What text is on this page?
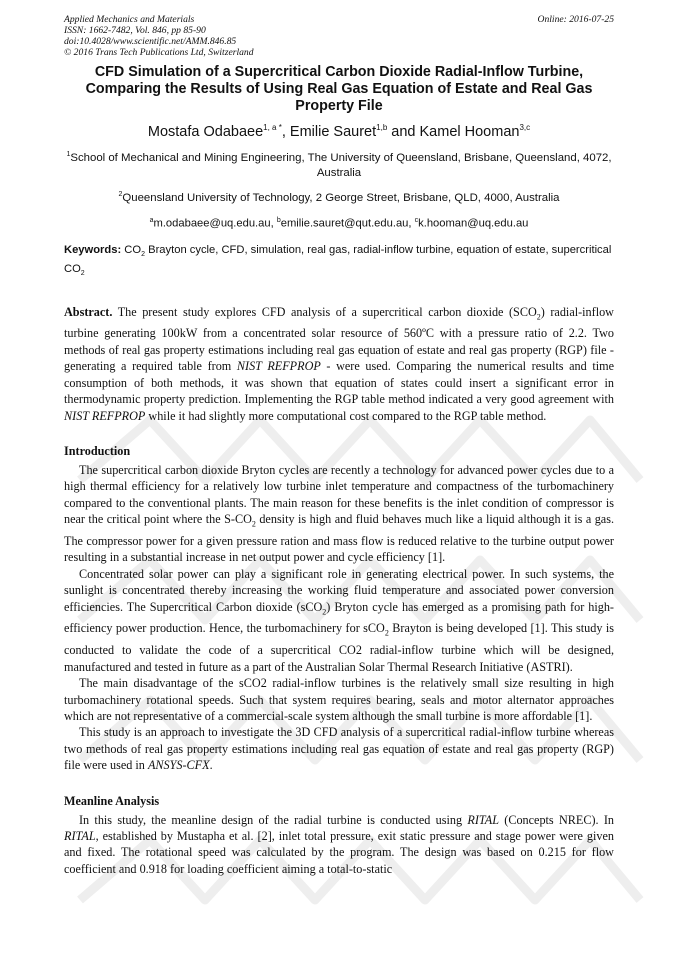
Applied Mechanics and Materials
ISSN: 1662-7482, Vol. 846, pp 85-90
doi:10.4028/www.scientific.net/AMM.846.85
© 2016 Trans Tech Publications Ltd, Switzerland
Online: 2016-07-25
CFD Simulation of a Supercritical Carbon Dioxide Radial-Inflow Turbine, Comparing the Results of Using Real Gas Equation of Estate and Real Gas Property File
Mostafa Odabaee$^{1, a *}$, Emilie Sauret$^{1,b}$ and Kamel Hooman$^{3,c}$
$^1$School of Mechanical and Mining Engineering, The University of Queensland, Brisbane, Queensland, 4072, Australia
$^2$Queensland University of Technology, 2 George Street, Brisbane, QLD, 4000, Australia
$^a$m.odabaee@uq.edu.au, $^b$emilie.sauret@qut.edu.au, $^c$k.hooman@uq.edu.au
Keywords: $CO_2$ Brayton cycle, CFD, simulation, real gas, radial-inflow turbine, equation of estate, supercritical $CO_2$

Abstract. The present study explores CFD analysis of a supercritical carbon dioxide $(SCO_2)$ radial-inflow turbine generating 100kW from a concentrated solar resource of 560ºC with a pressure ratio of 2.2. Two methods of real gas property estimations including real gas equation of estate and real gas property (RGP) file - generating a required table from NIST REFPROP - were used. Comparing the numerical results and time consumption of both methods, it was shown that equation of states could insert a significant error in thermodynamic property prediction. Implementing the RGP table method indicated a very good agreement with NIST REFPROP while it had slightly more computational cost compared to the RGP table method.

Introduction

The supercritical carbon dioxide Bryton cycles are recently a technology for advanced power cycles due to a high thermal efficiency for a relatively low turbine inlet temperature and compactness of the turbomachinery compared to the conventional plants. The main reason for these benefits is the inlet condition of compressor is near the critical point where the $S-CO_2$ density is high and fluid behaves much like a liquid although it is a gas. The compressor power for a given pressure ration and mass flow is reduced relative to the turbine output power resulting in a substantial increase in net output power and cycle efficiency [1].

Concentrated solar power can play a significant role in generating electrical power. In such systems, the sunlight is concentrated thereby increasing the working fluid temperature and associated power conversion efficiencies. The Supercritical Carbon dioxide (sCO$_2$) Bryton cycle has emerged as a promising path for high-efficiency power production. Hence, the turbomachinery for sCO$_2$ Brayton is being developed [1]. This study is conducted to validate the code of a supercritical CO2 radial-inflow turbine which will be designed, manufactured and tested in future as a part of the Australian Solar Thermal Research Initiative (ASTRI).

The main disadvantage of the sCO2 radial-inflow turbines is the relatively small size resulting in high turbomachinery rotational speeds. Such that system requires bearing, seals and motor alternator approaches which are not representative of a commercial-scale system although the small turbine is more affordable [1].

This study is an approach to investigate the 3D CFD analysis of a supercritical radial-inflow turbine whereas two methods of real gas property estimations including real gas equation of estate and real gas property (RGP) file were used in ANSYS-CFX.

Meanline Analysis

In this study, the meanline design of the radial turbine is conducted using RITAL (Concepts NREC). In RITAL, established by Mustapha et al. [2], inlet total pressure, exit static pressure and stage power were given and fixed. The rotational speed was calculated by the program. The design was based on 0.215 for flow coefficient and 0.918 for loading coefficient aiming a total-to-static
